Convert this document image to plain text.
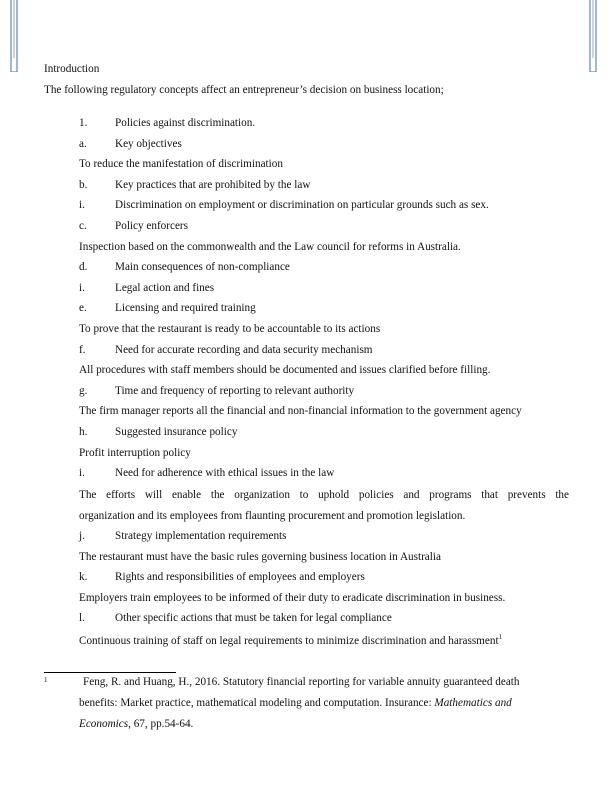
Introduction
The following regulatory concepts affect an entrepreneur’s decision on business location;
1. Policies against discrimination.
a.	Key objectives
To reduce the manifestation of discrimination
b. Key practices that are prohibited by the law
i.	Discrimination on employment or discrimination on particular grounds such as sex.
c.	Policy enforcers
Inspection based on the commonwealth and the Law council for reforms in Australia.
d. Main consequences of non-compliance
i.	Legal action and fines
e.	Licensing and required training
To prove that the restaurant is ready to be accountable to its actions
f.	Need for accurate recording and data security mechanism
All procedures with staff members should be documented and issues clarified before filling.
g. Time and frequency of reporting to relevant authority
The firm manager reports all the financial and non-financial information to the government agency
h. Suggested insurance policy
Profit interruption policy
i.	Need for adherence with ethical issues in the law
The efforts will enable the organization to uphold policies and programs that prevents the
organization and its employees from flaunting procurement and promotion legislation.
j.	Strategy implementation requirements
The restaurant must have the basic rules governing business location in Australia
k. Rights and responsibilities of employees and employers
Employers train employees to be informed of their duty to eradicate discrimination in business.
l.	Other specific actions that must be taken for legal compliance
Continuous training of staff on legal requirements to minimize discrimination and harassment$^1$
1	Feng, R. and Huang, H., 2016. Statutory financial reporting for variable annuity guaranteed death
benefits: Market practice, mathematical modeling and computation. Insurance: Mathematics and
Economics, 67, pp.54-64.
